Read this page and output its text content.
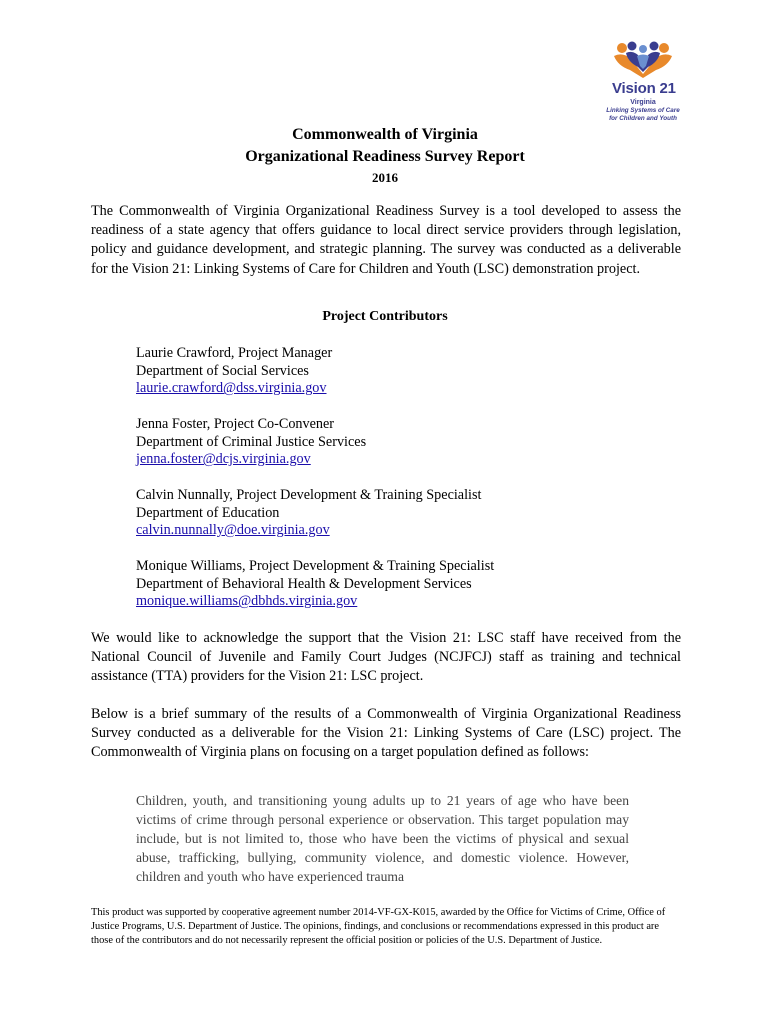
Vision 21
Virginia
Linking Systems of Care
for Children and Youth
Commonwealth of Virginia
Organizational Readiness Survey Report
2016
The Commonwealth of Virginia Organizational Readiness Survey is a tool developed to assess the readiness of a state agency that offers guidance to local direct service providers through legislation, policy and guidance development, and strategic planning. The survey was conducted as a deliverable for the Vision 21: Linking Systems of Care for Children and Youth (LSC) demonstration project.
Project Contributors
Laurie Crawford, Project Manager
Department of Social Services
laurie.crawford@dss.virginia.gov
Jenna Foster, Project Co-Convener
Department of Criminal Justice Services
jenna.foster@dcjs.virginia.gov
Calvin Nunnally, Project Development & Training Specialist
Department of Education
calvin.nunnally@doe.virginia.gov
Monique Williams, Project Development & Training Specialist
Department of Behavioral Health & Development Services
monique.williams@dbhds.virginia.gov
We would like to acknowledge the support that the Vision 21: LSC staff have received from the National Council of Juvenile and Family Court Judges (NCJFCJ) staff as training and technical assistance (TTA) providers for the Vision 21: LSC project.
Below is a brief summary of the results of a Commonwealth of Virginia Organizational Readiness Survey conducted as a deliverable for the Vision 21: Linking Systems of Care (LSC) project. The Commonwealth of Virginia plans on focusing on a target population defined as follows:
Children, youth, and transitioning young adults up to 21 years of age who have been victims of crime through personal experience or observation. This target population may include, but is not limited to, those who have been the victims of physical and sexual abuse, trafficking, bullying, community violence, and domestic violence. However, children and youth who have experienced trauma
This product was supported by cooperative agreement number 2014-VF-GX-K015, awarded by the Office for Victims of Crime, Office of Justice Programs, U.S. Department of Justice. The opinions, findings, and conclusions or recommendations expressed in this product are those of the contributors and do not necessarily represent the official position or policies of the U.S. Department of Justice.
